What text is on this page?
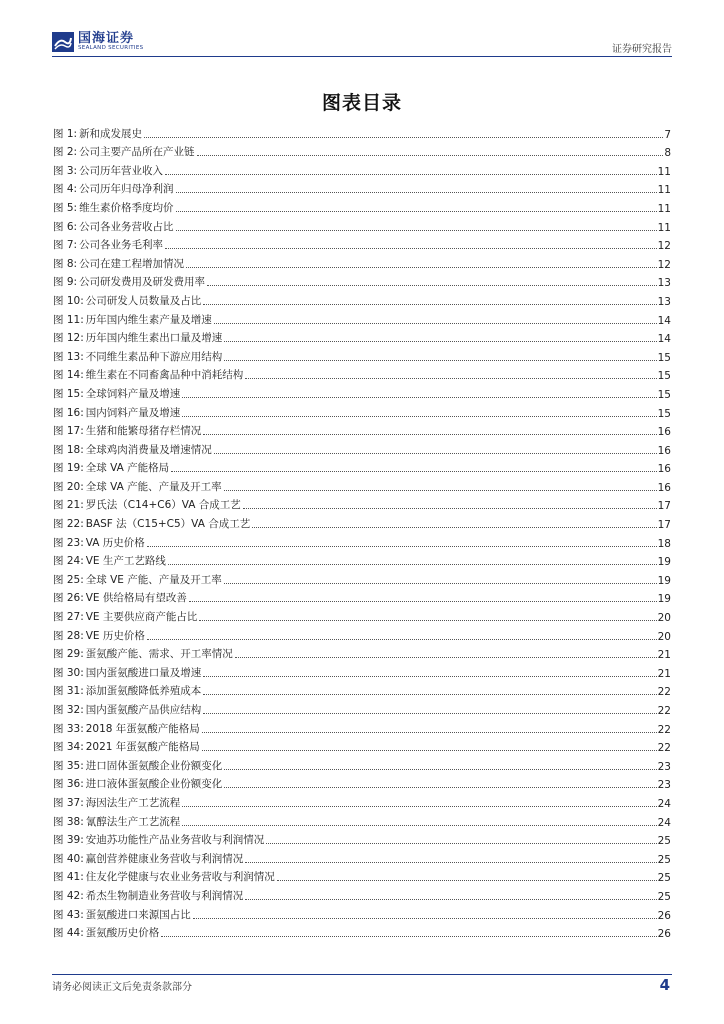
国海证券
SEALAND SECURITIES	证券研究报告
图表目录
图 1: 新和成发展史	7
图 2: 公司主要产品所在产业链	8
图 3: 公司历年营业收入	11
图 4: 公司历年归母净利润	11
图 5: 维生素价格季度均价	11
图 6: 公司各业务营收占比	11
图 7: 公司各业务毛利率	12
图 8: 公司在建工程增加情况	12
图 9: 公司研发费用及研发费用率	13
图 10: 公司研发人员数量及占比	13
图 11: 历年国内维生素产量及增速	14
图 12: 历年国内维生素出口量及增速	14
图 13: 不同维生素品种下游应用结构	15
图 14: 维生素在不同畜禽品种中消耗结构	15
图 15: 全球饲料产量及增速	15
图 16: 国内饲料产量及增速	15
图 17: 生猪和能繁母猪存栏情况	16
图 18: 全球鸡肉消费量及增速情况	16
图 19: 全球 VA 产能格局	16
图 20: 全球 VA 产能、产量及开工率	16
图 21: 罗氏法（C14+C6）VA 合成工艺	17
图 22: BASF 法（C15+C5）VA 合成工艺	17
图 23: VA 历史价格	18
图 24: VE 生产工艺路线	19
图 25: 全球 VE 产能、产量及开工率	19
图 26: VE 供给格局有望改善	19
图 27: VE 主要供应商产能占比	20
图 28: VE 历史价格	20
图 29: 蛋氨酸产能、需求、开工率情况	21
图 30: 国内蛋氨酸进口量及增速	21
图 31: 添加蛋氨酸降低养殖成本	22
图 32: 国内蛋氨酸产品供应结构	22
图 33: 2018 年蛋氨酸产能格局	22
图 34: 2021 年蛋氨酸产能格局	22
图 35: 进口固体蛋氨酸企业份额变化	23
图 36: 进口液体蛋氨酸企业份额变化	23
图 37: 海因法生产工艺流程	24
图 38: 氰醇法生产工艺流程	24
图 39: 安迪苏功能性产品业务营收与利润情况	25
图 40: 赢创营养健康业务营收与利润情况	25
图 41: 住友化学健康与农业业务营收与利润情况	25
图 42: 希杰生物制造业务营收与利润情况	25
图 43: 蛋氨酸进口来源国占比	26
图 44: 蛋氨酸历史价格	26
请务必阅读正文后免责条款部分	4
